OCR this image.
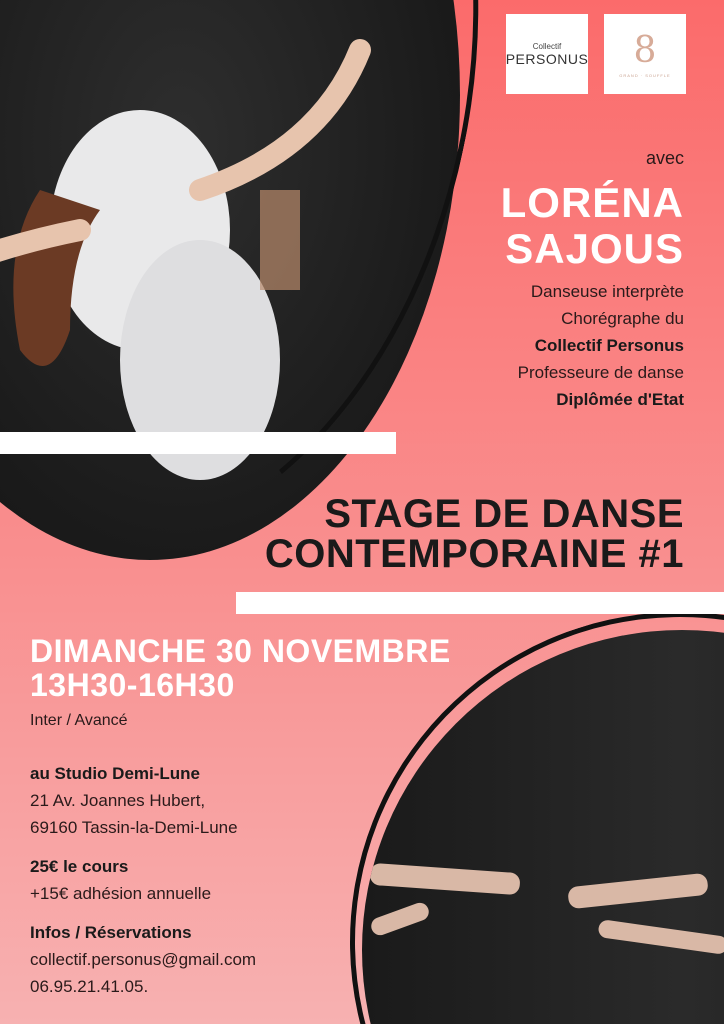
Collectif
PERSONUS 8
GRAND · SOUFFLE
avec
LORÉNA
SAJOUS
Danseuse interprète
Chorégraphe du
Collectif Personus
Professeure de danse
Diplômée d'Etat
STAGE DE DANSE
CONTEMPORAINE #1
DIMANCHE 30 NOVEMBRE
13H30-16H30
Inter / Avancé
au Studio Demi-Lune
21 Av. Joannes Hubert,
69160 Tassin-la-Demi-Lune
25€ le cours
+15€ adhésion annuelle
Infos / Réservations
collectif.personus@gmail.com
06.95.21.41.05.
